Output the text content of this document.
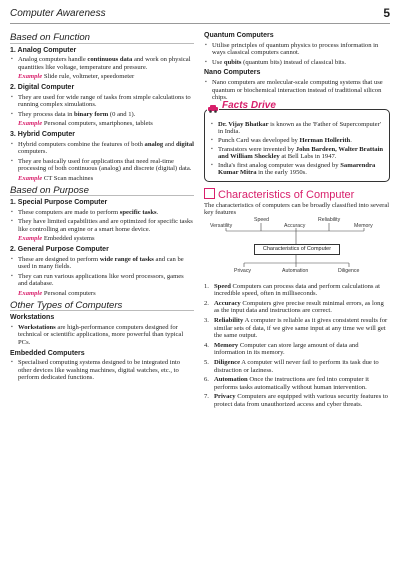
Computer Awareness	5
Based on Function
1. Analog Computer
▪ Analog computers handle continuous data and work on physical quantities like voltage, temperature and pressure.
Example Slide rule, voltmeter, speedometer
2. Digital Computer
▪ They are used for wide range of tasks from simple calculations to running complex simulations.
▪ They process data in binary form (0 and 1).
Example Personal computers, smartphones, tablets
3. Hybrid Computer
▪ Hybrid computers combine the features of both analog and digital computers.
▪ They are basically used for applications that need real-time processing of both continuous (analog) and discrete (digital) data.
Example CT Scan machines
Based on Purpose
1. Special Purpose Computer
▪ These computers are made to perform specific tasks.
▪ They have limited capabilities and are optimized for specific tasks like controlling an engine or a smart home device.
Example Embedded systems
2. General Purpose Computer
▪ These are designed to perform wide range of tasks and can be used in many fields.
▪ They can run various applications like word processors, games and database.
Example Personal computers
Other Types of Computers
Workstations
▪ Workstations are high-performance computers designed for technical or scientific applications, more powerful than typical PCs.
Embedded Computers
▪ Specialised computing systems designed to be integrated into other devices like washing machines, digital watches, etc., to perform dedicated functions.
Quantum Computers
▪ Utilise principles of quantum physics to process information in ways classical computers cannot.
▪ Use qubits (quantum bits) instead of classical bits.
Nano Computers
▪ Nano computers are molecular-scale computing systems that use quantum or biochemical interaction instead of traditional silicon chips.
Facts Drive
▪ Dr. Vijay Bhatkar is known as the 'Father of Supercomputer' in India.
▪ Punch Card was developed by Herman Hollerith.
▪ Transistors were invented by John Bardeen, Walter Brattain and William Shockley at Bell Labs in 1947.
▪ India's first analog computer was designed by Samarendra Kumar Mitra in the early 1950s.
Characteristics of Computer
The characteristics of computers can be broadly classified into several key features
Versatility
Speed
Accuracy
Reliability
Memory
Characteristics of Computer
Privacy	Automation	Diligence
1. Speed Computers can process data and perform calculations at incredible speed, often in milliseconds.
2. Accuracy Computers give precise result minimal errors, as long as the input data and instructions are correct.
3. Reliability A computer is reliable as it gives consistent results for similar sets of data, if we give same input at any time we will get the same output.
4. Memory Computer can store large amount of data and information in its memory.
5. Diligence A computer will never fail to perform its task due to distraction or laziness.
6. Automation Once the instructions are fed into computer it performs tasks automatically without human intervention.
7. Privacy Computers are equipped with various security features to protect data from unauthorized access and cyber threats.
